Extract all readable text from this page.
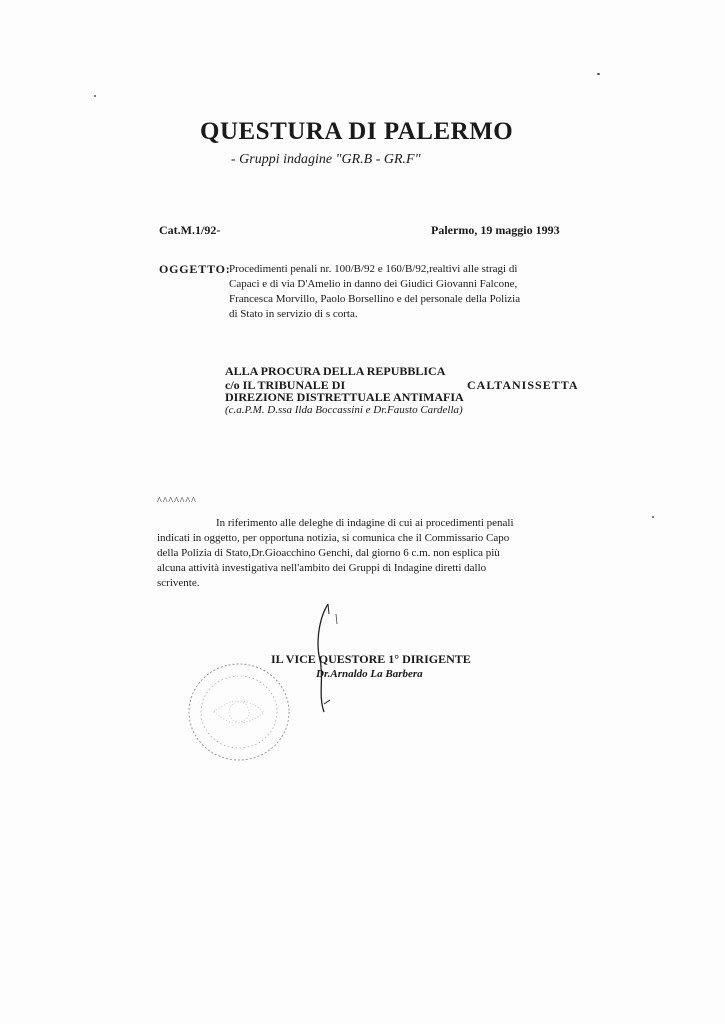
QUESTURA DI PALERMO
- Gruppi indagine "GR.B - GR.F"
Cat.M.1/92-	Palermo, 19 maggio 1993
OGGETTO:
Procedimenti penali nr. 100/B/92 e 160/B/92,realtivi alle stragi di
Capaci e di via D'Amelio in danno dei Giudici Giovanni Falcone,
Francesca Morvillo, Paolo Borsellino e del personale della Polizia
di Stato in servizio di s corta.
ALLA PROCURA DELLA REPUBBLICA
c/o IL TRIBUNALE DI	CALTANISSETTA
DIREZIONE DISTRETTUALE ANTIMAFIA
(c.a.P.M. D.ssa Ilda Boccassini e Dr.Fausto Cardella)
^^^^^^^
In riferimento alle deleghe di indagine di cui ai procedimenti penali
indicati in oggetto, per opportuna notizia, si comunica che il Commissario Capo
della Polizia di Stato,Dr.Gioacchino Genchi, dal giorno 6 c.m. non esplica più
alcuna attività investigativa nell'ambito dei Gruppi di Indagine diretti dallo
scrivente.
IL VICE QUESTORE 1° DIRIGENTE
Dr.Arnaldo La Barbera
